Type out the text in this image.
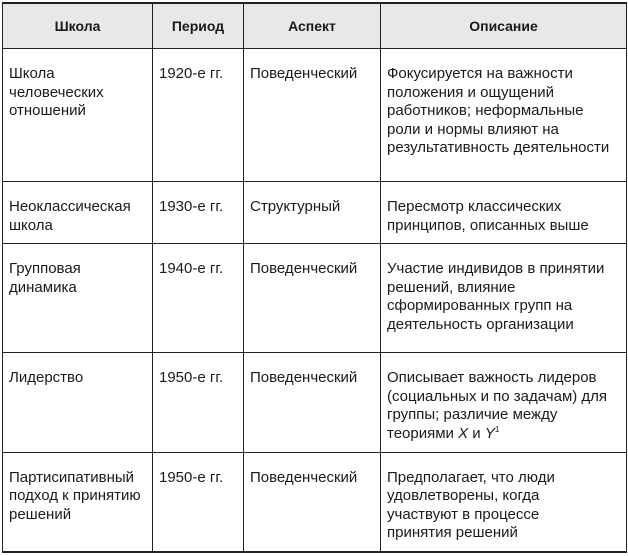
Школа	Период	Аспект	Описание
Школа человеческих отношений	1920-е гг.	Поведенческий	Фокусируется на важности положения и ощущений работников; неформальные роли и нормы влияют на результативность деятельности
Неоклассическая школа	1930-е гг.	Структурный	Пересмотр классических принципов, описанных выше
Групповая динамика	1940-е гг.	Поведенческий	Участие индивидов в принятии решений, влияние сформированных групп на деятельность организации
Лидерство	1950-е гг.	Поведенческий	Описывает важность лидеров (социальных и по задачам) для группы; различие между теориями X и $Y^1$
Партисипативный подход к принятию решений	1950-е гг.	Поведенческий	Предполагает, что люди удовлетворены, когда участвуют в процессе принятия решений
